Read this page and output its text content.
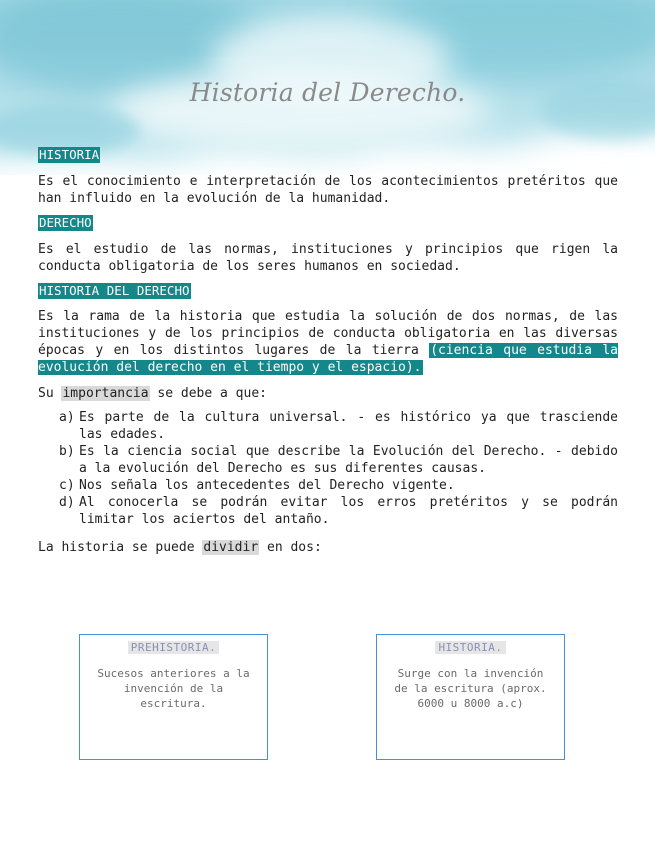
Historia del Derecho.
HISTORIA

Es el conocimiento e interpretación de los acontecimientos pretéritos que han influido en la evolución de la humanidad.

DERECHO

Es el estudio de las normas, instituciones y principios que rigen la conducta obligatoria de los seres humanos en sociedad.

HISTORIA DEL DERECHO

Es la rama de la historia que estudia la solución de dos normas, de las instituciones y de los principios de conducta obligatoria en las diversas épocas y en los distintos lugares de la tierra (ciencia que estudia la evolución del derecho en el tiempo y el espacio).

Su importancia se debe a que:

a) Es parte de la cultura universal. - es histórico ya que trasciende las edades.
b) Es la ciencia social que describe la Evolución del Derecho. - debido a la evolución del Derecho es sus diferentes causas.
c) Nos señala los antecedentes del Derecho vigente.
d) Al conocerla se podrán evitar los erros pretéritos y se podrán limitar los aciertos del antaño.

La historia se puede dividir en dos:

PREHISTORIA.
Sucesos anteriores a la invención de la escritura.
HISTORIA.
Surge con la invención de la escritura (aprox. 6000 u 8000 a.c)
